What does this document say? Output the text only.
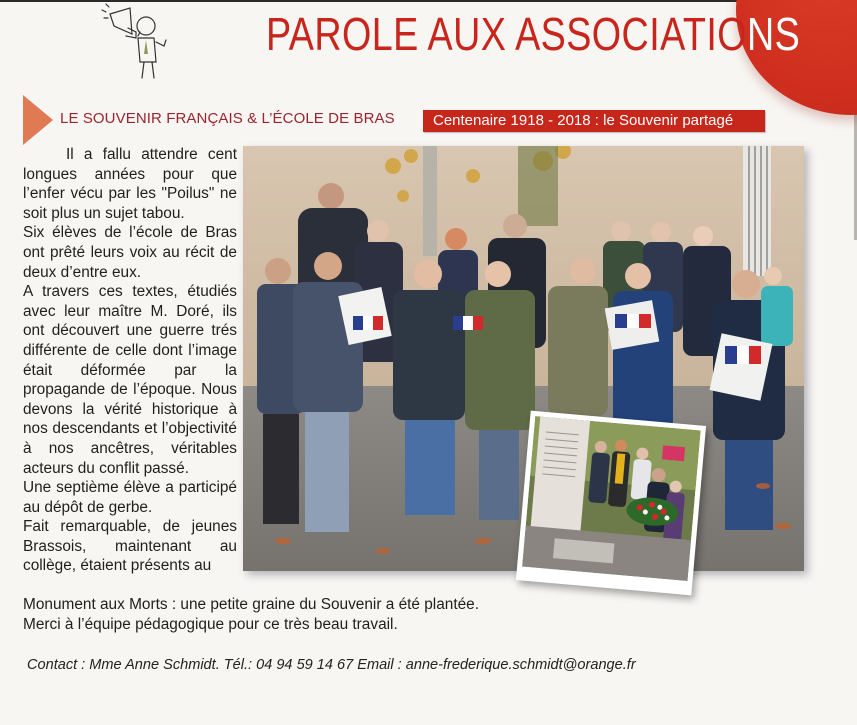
PAROLE AUX ASSOCIATIONS
LE SOUVENIR FRANÇAIS & L’ÉCOLE DE BRAS	Centenaire 1918 - 2018 : le Souvenir partagé

Il a fallu attendre cent longues années pour que l’enfer vécu par les "Poilus" ne soit plus un sujet tabou.

Six élèves de l’école de Bras ont prêté leurs voix au récit de deux d’entre eux.

A travers ces textes, étudiés avec leur maître M. Doré, ils ont découvert une guerre trés différente de celle dont l’image était déformée par la propagande de l’époque. Nous devons la vérité historique à nos descendants et l’objectivité à nos ancêtres, véritables acteurs du conflit passé.

Une septième élève a participé au dépôt de gerbe.

Fait remarquable, de jeunes Brassois, maintenant au collège, étaient présents au

Monument aux Morts : une petite graine du Souvenir a été plantée.
Merci à l’équipe pédagogique pour ce très beau travail.
Contact : Mme Anne Schmidt. Tél.: 04 94 59 14 67 Email : anne-frederique.schmidt@orange.fr
